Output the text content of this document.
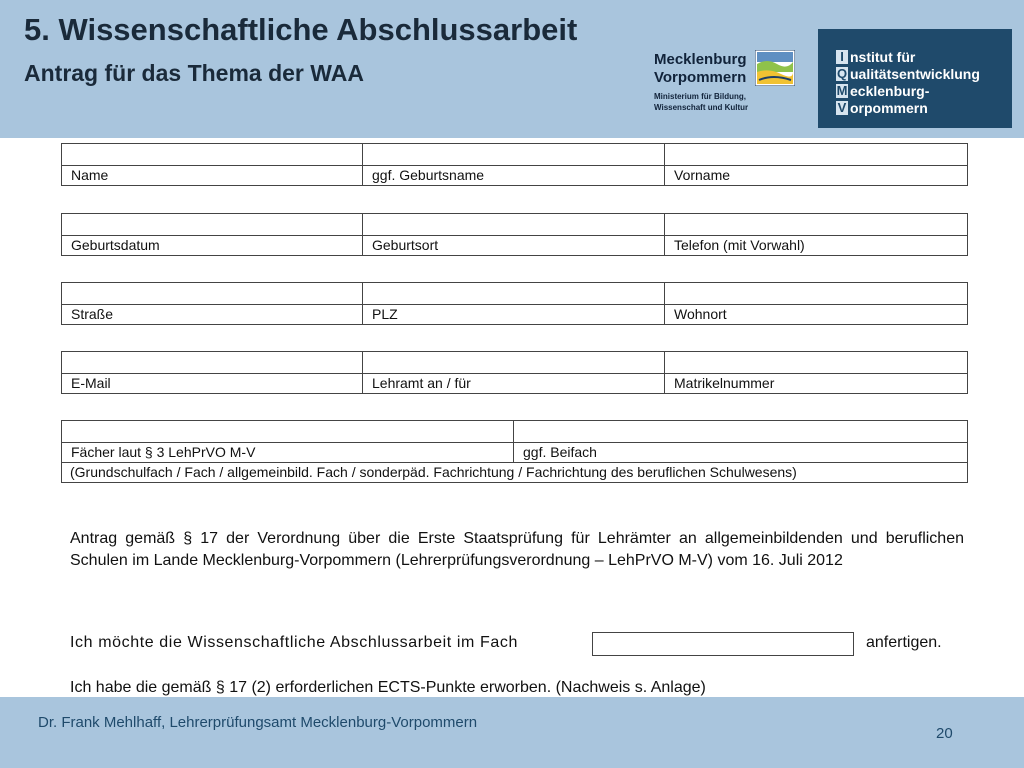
5. Wissenschaftliche Abschlussarbeit
Antrag für das Thema der WAA
Mecklenburg
Vorpommern
Ministerium für Bildung,
Wissenschaft und Kultur
I nstitut für
Q ualitätsentwicklung
M ecklenburg-
V orpommern

Name	ggf. Geburtsname	Vorname

Geburtsdatum	Geburtsort	Telefon (mit Vorwahl)

Straße	PLZ	Wohnort

E-Mail	Lehramt an / für	Matrikelnummer

Fächer laut § 3 LehPrVO M-V	ggf. Beifach
(Grundschulfach / Fach / allgemeinbild. Fach / sonderpäd. Fachrichtung / Fachrichtung des beruflichen Schulwesens)	

Antrag gemäß § 17 der Verordnung über die Erste Staatsprüfung für Lehrämter an allgemeinbildenden und beruflichen Schulen im Lande Mecklenburg-Vorpommern (Lehrerprüfungsverordnung – LehPrVO M-V) vom 16. Juli 2012

Ich möchte die Wissenschaftliche Abschlussarbeit im Fach	anfertigen.

Ich habe die gemäß § 17 (2) erforderlichen ECTS-Punkte erworben. (Nachweis s. Anlage)

Dr. Frank Mehlhaff, Lehrerprüfungsamt Mecklenburg-Vorpommern
20
